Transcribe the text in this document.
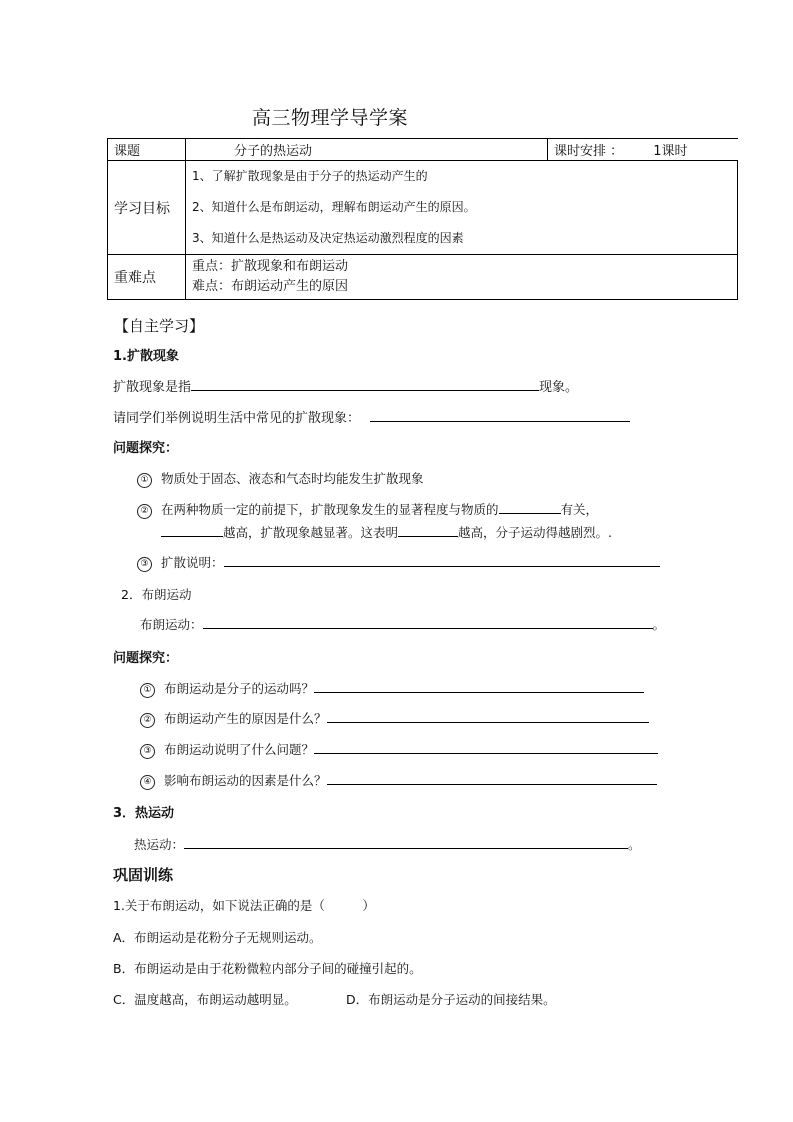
高三物理学导学案
课题	分子的热运动	课时安排 ： 1课时
学习目标	1、了解扩散现象是由于分子的热运动产生的
2、知道什么是布朗运动，理解布朗运动产生的原因。
3、知道什么是热运动及决定热运动激烈程度的因素	

重难点	重点：扩散现象和布朗运动
难点：布朗运动产生的原因	
【自主学习】
1.扩散现象
扩散现象是指	现象。
请同学们举例说明生活中常见的扩散现象：
问题探究：
① 物质处于固态、液态和气态时均能发生扩散现象
② 在两种物质一定的前提下，扩散现象发生的显著程度与物质的	有关，
越高，扩散现象越显著。这表明	越高，分子运动得越剧烈。.
③ 扩散说明：
2．布朗运动
布朗运动：	。
问题探究：
① 布朗运动是分子的运动吗？
② 布朗运动产生的原因是什么？
③ 布朗运动说明了什么问题？
④ 影响布朗运动的因素是什么？
3．热运动
热运动：	。
巩固训练
1.关于布朗运动，如下说法正确的是（　　　）
A．布朗运动是花粉分子无规则运动。
B．布朗运动是由于花粉微粒内部分子间的碰撞引起的。
C．温度越高，布朗运动越明显。	D．布朗运动是分子运动的间接结果。
